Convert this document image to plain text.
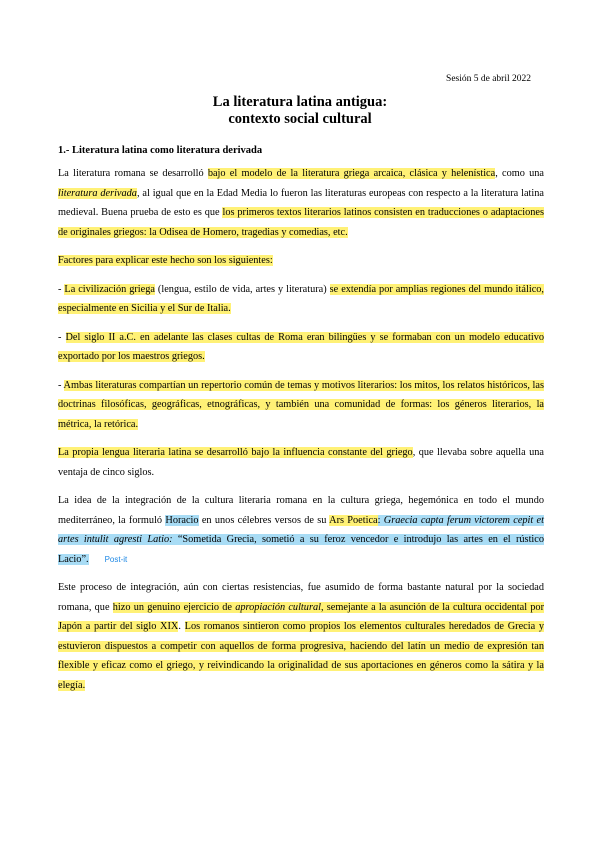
Sesión 5 de abril 2022
La literatura latina antigua:
contexto social cultural
1.- Literatura latina como literatura derivada

La literatura romana se desarrolló bajo el modelo de la literatura griega arcaica, clásica y helenística, como una literatura derivada, al igual que en la Edad Media lo fueron las literaturas europeas con respecto a la literatura latina medieval. Buena prueba de esto es que los primeros textos literarios latinos consisten en traducciones o adaptaciones de originales griegos: la Odisea de Homero, tragedias y comedias, etc.

Factores para explicar este hecho son los siguientes:

- La civilización griega (lengua, estilo de vida, artes y literatura) se extendía por amplias regiones del mundo itálico, especialmente en Sicilia y el Sur de Italia.

- Del siglo II a.C. en adelante las clases cultas de Roma eran bilingües y se formaban con un modelo educativo exportado por los maestros griegos.

- Ambas literaturas compartían un repertorio común de temas y motivos literarios: los mitos, los relatos históricos, las doctrinas filosóficas, geográficas, etnográficas, y también una comunidad de formas: los géneros literarios, la métrica, la retórica.

La propia lengua literaria latina se desarrolló bajo la influencia constante del griego, que llevaba sobre aquella una ventaja de cinco siglos.

La idea de la integración de la cultura literaria romana en la cultura griega, hegemónica en todo el mundo mediterráneo, la formuló Horacio en unos célebres versos de su Ars Poetica: Graecia capta ferum victorem cepit et artes intulit agresti Latio: “Sometida Grecia, sometió a su feroz vencedor e introdujo las artes en el rústico Lacio”. Post-it

Este proceso de integración, aún con ciertas resistencias, fue asumido de forma bastante natural por la sociedad romana, que hizo un genuino ejercicio de apropiación cultural, semejante a la asunción de la cultura occidental por Japón a partir del siglo XIX. Los romanos sintieron como propios los elementos culturales heredados de Grecia y estuvieron dispuestos a competir con aquellos de forma progresiva, haciendo del latín un medio de expresión tan flexible y eficaz como el griego, y reivindicando la originalidad de sus aportaciones en géneros como la sátira y la elegía.
